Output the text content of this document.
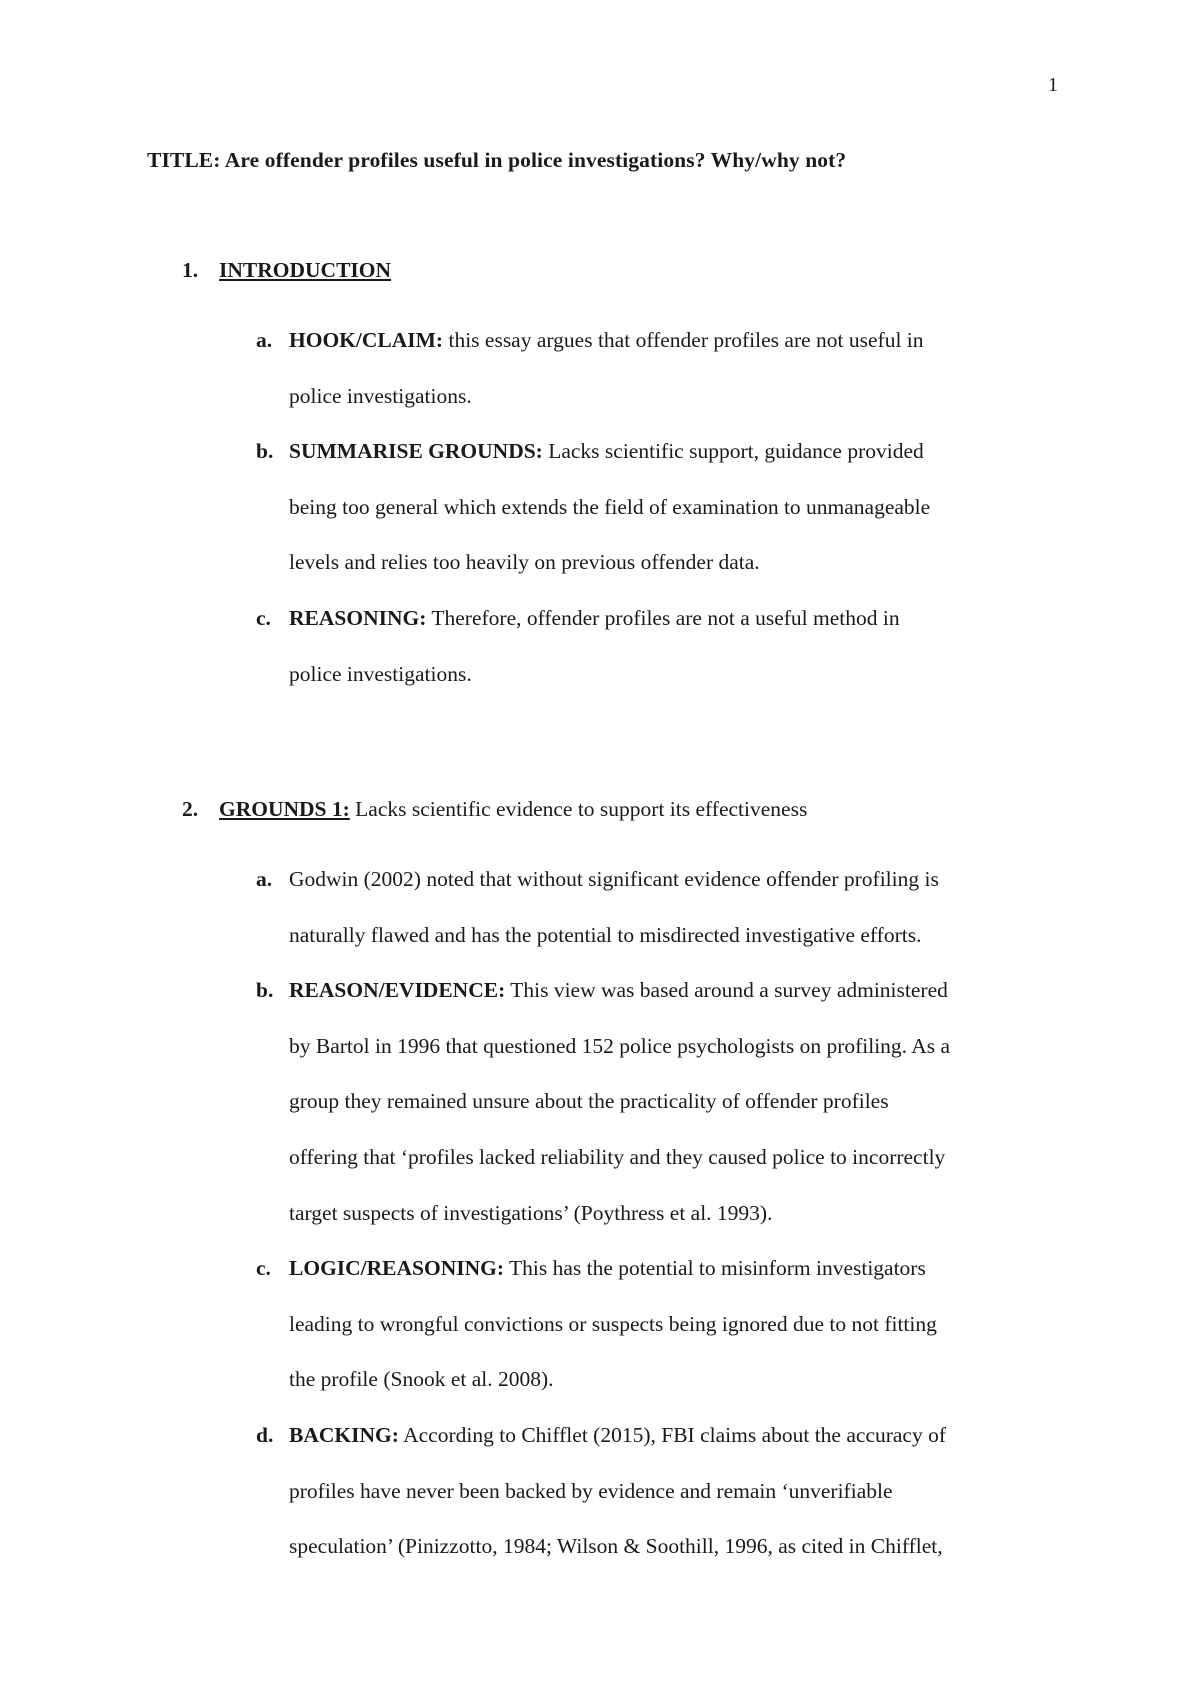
1
TITLE: Are offender profiles useful in police investigations? Why/why not?
1. INTRODUCTION
a. HOOK/CLAIM: this essay argues that offender profiles are not useful in police investigations.
b. SUMMARISE GROUNDS: Lacks scientific support, guidance provided being too general which extends the field of examination to unmanageable levels and relies too heavily on previous offender data.
c. REASONING: Therefore, offender profiles are not a useful method in police investigations.
2. GROUNDS 1: Lacks scientific evidence to support its effectiveness
a. Godwin (2002) noted that without significant evidence offender profiling is naturally flawed and has the potential to misdirected investigative efforts.
b. REASON/EVIDENCE: This view was based around a survey administered by Bartol in 1996 that questioned 152 police psychologists on profiling. As a group they remained unsure about the practicality of offender profiles offering that ‘profiles lacked reliability and they caused police to incorrectly target suspects of investigations’ (Poythress et al. 1993).
c. LOGIC/REASONING: This has the potential to misinform investigators leading to wrongful convictions or suspects being ignored due to not fitting the profile (Snook et al. 2008).
d. BACKING: According to Chifflet (2015), FBI claims about the accuracy of profiles have never been backed by evidence and remain ‘unverifiable speculation’ (Pinizzotto, 1984; Wilson & Soothill, 1996, as cited in Chifflet,
